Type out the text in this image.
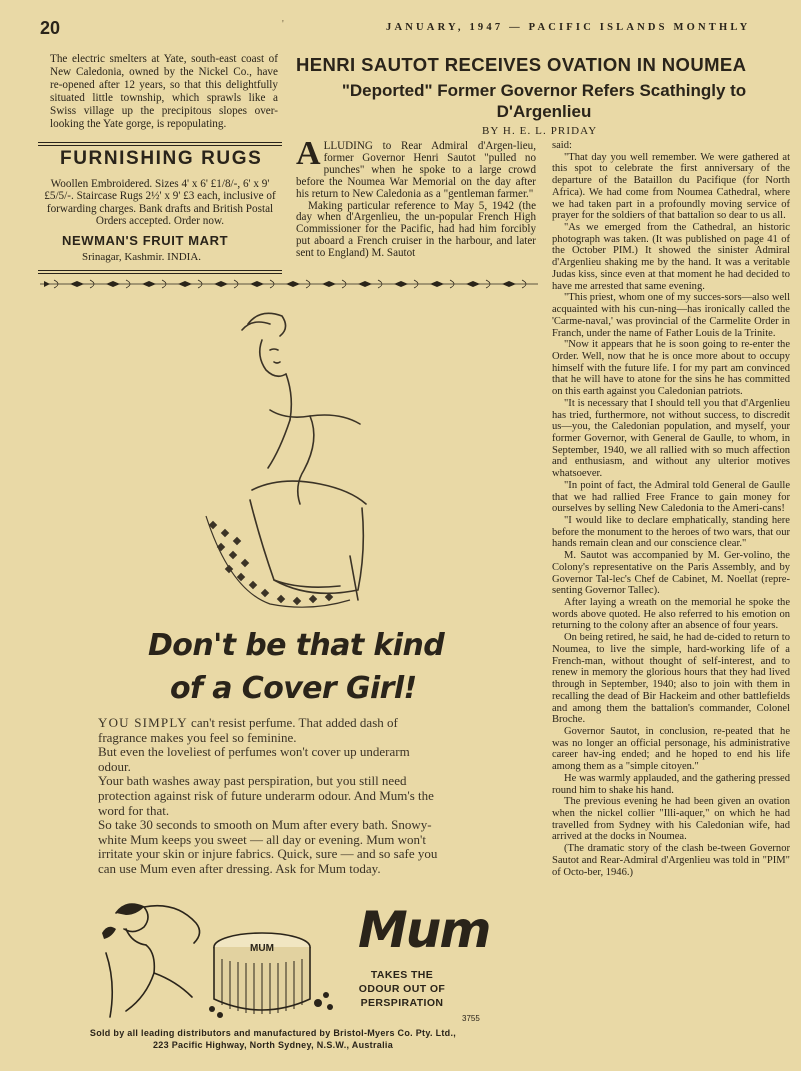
20	'	JANUARY, 1947 — PACIFIC ISLANDS MONTHLY

The electric smelters at Yate, south-east coast of New Caledonia, owned by the Nickel Co., have re-opened after 12 years, so that this delightfully situated little township, which sprawls like a Swiss village up the precipitous slopes over-looking the Yate gorge, is repopulating.

FURNISHING RUGS

Woollen Embroidered. Sizes 4' x 6' £1/8/-, 6' x 9' £5/5/-. Staircase Rugs 2½' x 9' £3 each, inclusive of forwarding charges. Bank drafts and British Postal Orders accepted. Order now.

NEWMAN'S FRUIT MART
Srinagar, Kashmir. INDIA.
HENRI SAUTOT RECEIVES OVATION IN NOUMEA
"Deported" Former Governor Refers Scathingly to D'Argenlieu
BY H. E. L. PRIDAY
A LLUDING to Rear Admiral d'Argen-lieu, former Governor Henri Sautot "pulled no punches" when he spoke to a large crowd before the Noumea War Memorial on the day after his return to New Caledonia as a "gentleman farmer."

Making particular reference to May 5, 1942 (the day when d'Argenlieu, the un-popular French High Commissioner for the Pacific, had had him forcibly put aboard a French cruiser in the harbour, and later sent to England) M. Sautot

said:

"That day you well remember. We were gathered at this spot to celebrate the first anniversary of the departure of the Bataillon du Pacifique (for North Africa). We had come from Noumea Cathedral, where we had taken part in a profoundly moving service of prayer for the soldiers of that battalion so dear to us all.

"As we emerged from the Cathedral, an historic photograph was taken. (It was published on page 41 of the October PIM.) It showed the sinister Admiral d'Argenlieu shaking me by the hand. It was a veritable Judas kiss, since even at that moment he had decided to have me arrested that same evening.

"This priest, whom one of my succes-sors—also well acquainted with his cun-ning—has ironically called the 'Carme-naval,' was provincial of the Carmelite Order in Franch, under the name of Father Louis de la Trinite.

"Now it appears that he is soon going to re-enter the Order. Well, now that he is once more about to occupy himself with the future life. I for my part am convinced that he will have to atone for the sins he has committed on this earth against you Caledonian patriots.

"It is necessary that I should tell you that d'Argenlieu has tried, furthermore, not without success, to discredit us—you, the Caledonian population, and myself, your former Governor, with General de Gaulle, to whom, in September, 1940, we all rallied with so much affection and enthusiasm, and without any ulterior motives whatsoever.

"In point of fact, the Admiral told General de Gaulle that we had rallied Free France to gain money for ourselves by selling New Caledonia to the Ameri-cans!

"I would like to declare emphatically, standing here before the monument to the heroes of two wars, that our hands remain clean and our conscience clear."

M. Sautot was accompanied by M. Ger-volino, the Colony's representative on the Paris Assembly, and by Governor Tal-lec's Chef de Cabinet, M. Noellat (repre-senting Governor Tallec).

After laying a wreath on the memorial he spoke the words above quoted. He also referred to his emotion on returning to the colony after an absence of four years.

On being retired, he said, he had de-cided to return to Noumea, to live the simple, hard-working life of a French-man, without thought of self-interest, and to renew in memory the glorious hours that they had lived through in September, 1940; also to join with them in recalling the dead of Bir Hackeim and other battlefields and among them the battalion's commander, Colonel Broche.

Governor Sautot, in conclusion, re-peated that he was no longer an official personage, his administrative career hav-ing ended; and he hoped to end his life among them as a "simple citoyen."

He was warmly applauded, and the gathering pressed round him to shake his hand.

The previous evening he had been given an ovation when the nickel collier "Illi-aquer," on which he had travelled from Sydney with his Caledonian wife, had arrived at the docks in Noumea.

(The dramatic story of the clash be-tween Governor Sautot and Rear-Admiral d'Argenlieu was told in "PIM" of Octo-ber, 1946.)

Don't be that kind
of a Cover Girl!
YOU SIMPLY can't resist perfume. That added dash of fragrance makes you feel so feminine.
But even the loveliest of perfumes won't cover up underarm odour.
Your bath washes away past perspiration, but you still need protection against risk of future underarm odour. And Mum's the word for that.
So take 30 seconds to smooth on Mum after every bath. Snowy-white Mum keeps you sweet — all day or evening. Mum won't irritate your skin or injure fabrics. Quick, sure — and so safe you can use Mum even after dressing. Ask for Mum today.
MUM Mum

TAKES THE ODOUR OUT OF PERSPIRATION

3755

Sold by all leading distributors and manufactured by Bristol-Myers Co. Pty. Ltd., 223 Pacific Highway, North Sydney, N.S.W., Australia
